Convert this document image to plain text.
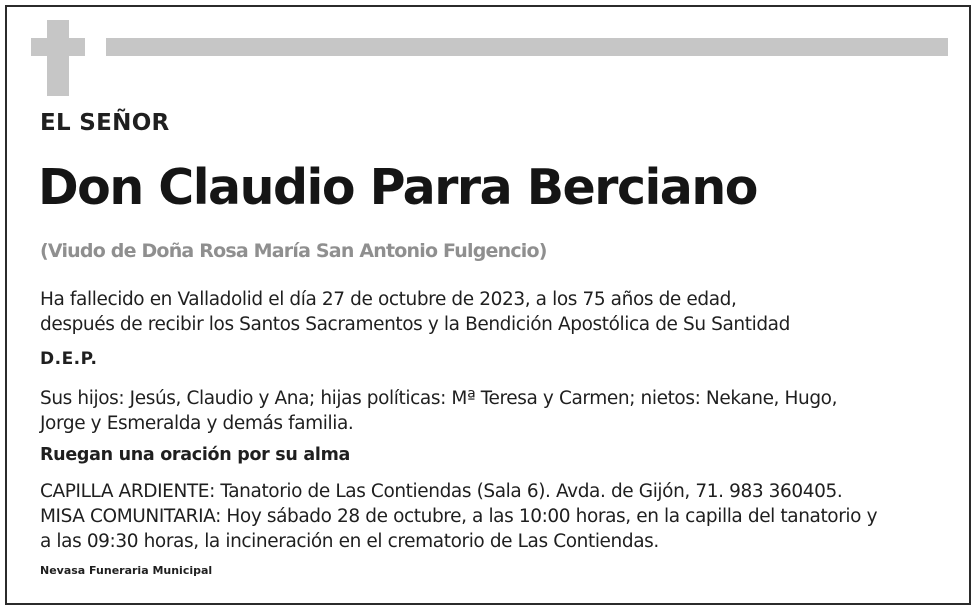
EL SEÑOR
Don Claudio Parra Berciano
(Viudo de Doña Rosa María San Antonio Fulgencio)
Ha fallecido en Valladolid el día 27 de octubre de 2023, a los 75 años de edad,
después de recibir los Santos Sacramentos y la Bendición Apostólica de Su Santidad
D.E.P.
Sus hijos: Jesús, Claudio y Ana; hijas políticas: Mª Teresa y Carmen; nietos: Nekane, Hugo,
Jorge y Esmeralda y demás familia.
Ruegan una oración por su alma
CAPILLA ARDIENTE: Tanatorio de Las Contiendas (Sala 6). Avda. de Gijón, 71. 983 360405.
MISA COMUNITARIA: Hoy sábado 28 de octubre, a las 10:00 horas, en la capilla del tanatorio y
a las 09:30 horas, la incineración en el crematorio de Las Contiendas.
Nevasa Funeraria Municipal
